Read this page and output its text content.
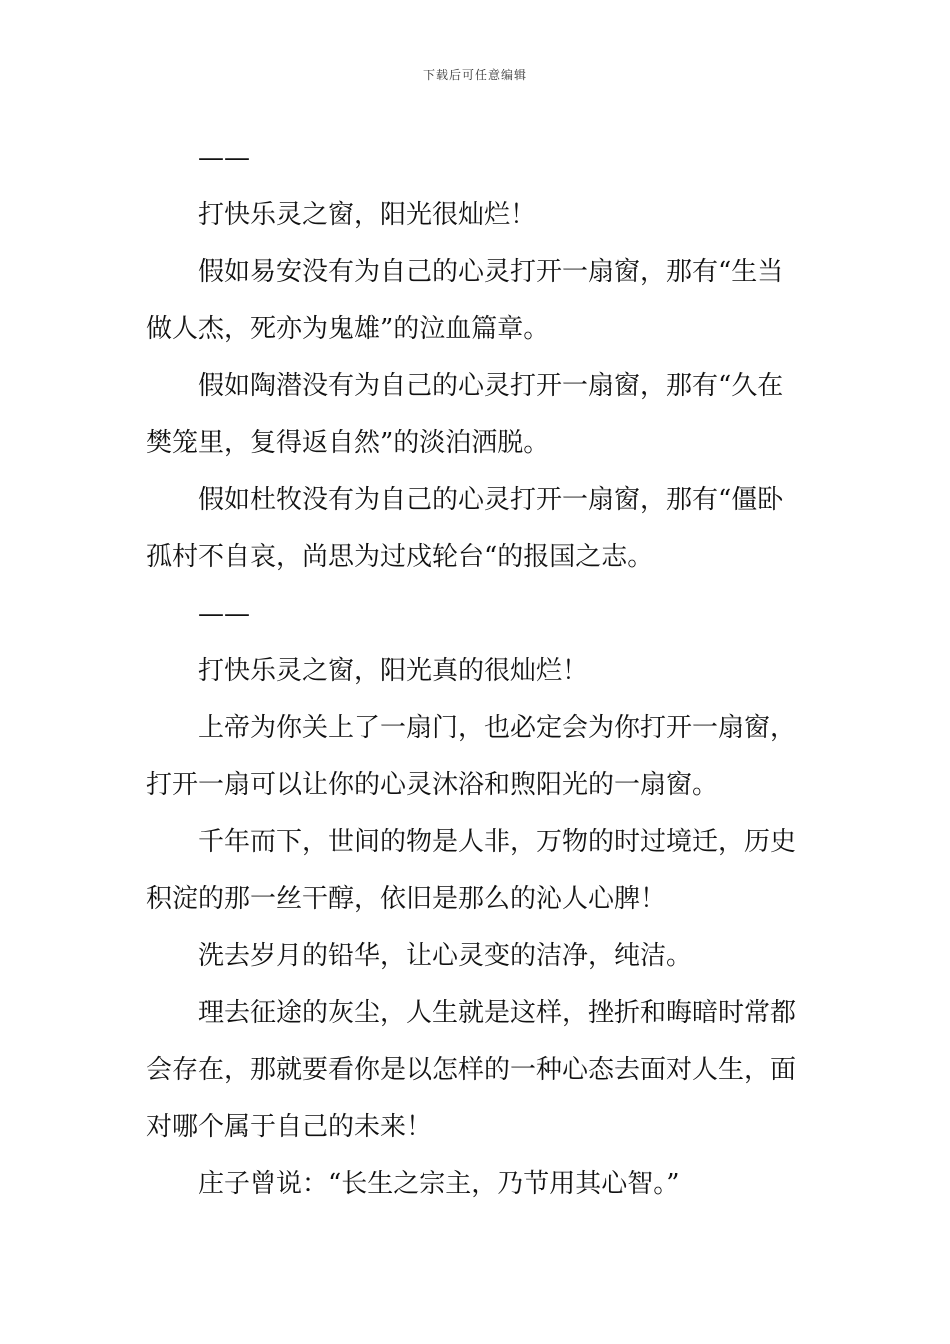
下载后可任意编辑

——

打快乐灵之窗，阳光很灿烂！

假如易安没有为自己的心灵打开一扇窗，那有“生当做人杰，死亦为鬼雄”的泣血篇章。

假如陶潜没有为自己的心灵打开一扇窗，那有“久在樊笼里，复得返自然”的淡泊洒脱。

假如杜牧没有为自己的心灵打开一扇窗，那有“僵卧孤村不自哀，尚思为过戍轮台“的报国之志。

——

打快乐灵之窗，阳光真的很灿烂！

上帝为你关上了一扇门，也必定会为你打开一扇窗，打开一扇可以让你的心灵沐浴和煦阳光的一扇窗。

千年而下，世间的物是人非，万物的时过境迁，历史积淀的那一丝干醇，依旧是那么的沁人心脾！

洗去岁月的铅华，让心灵变的洁净，纯洁。

理去征途的灰尘，人生就是这样，挫折和晦暗时常都会存在，那就要看你是以怎样的一种心态去面对人生，面对哪个属于自己的未来！

庄子曾说：“长生之宗主，乃节用其心智。”
